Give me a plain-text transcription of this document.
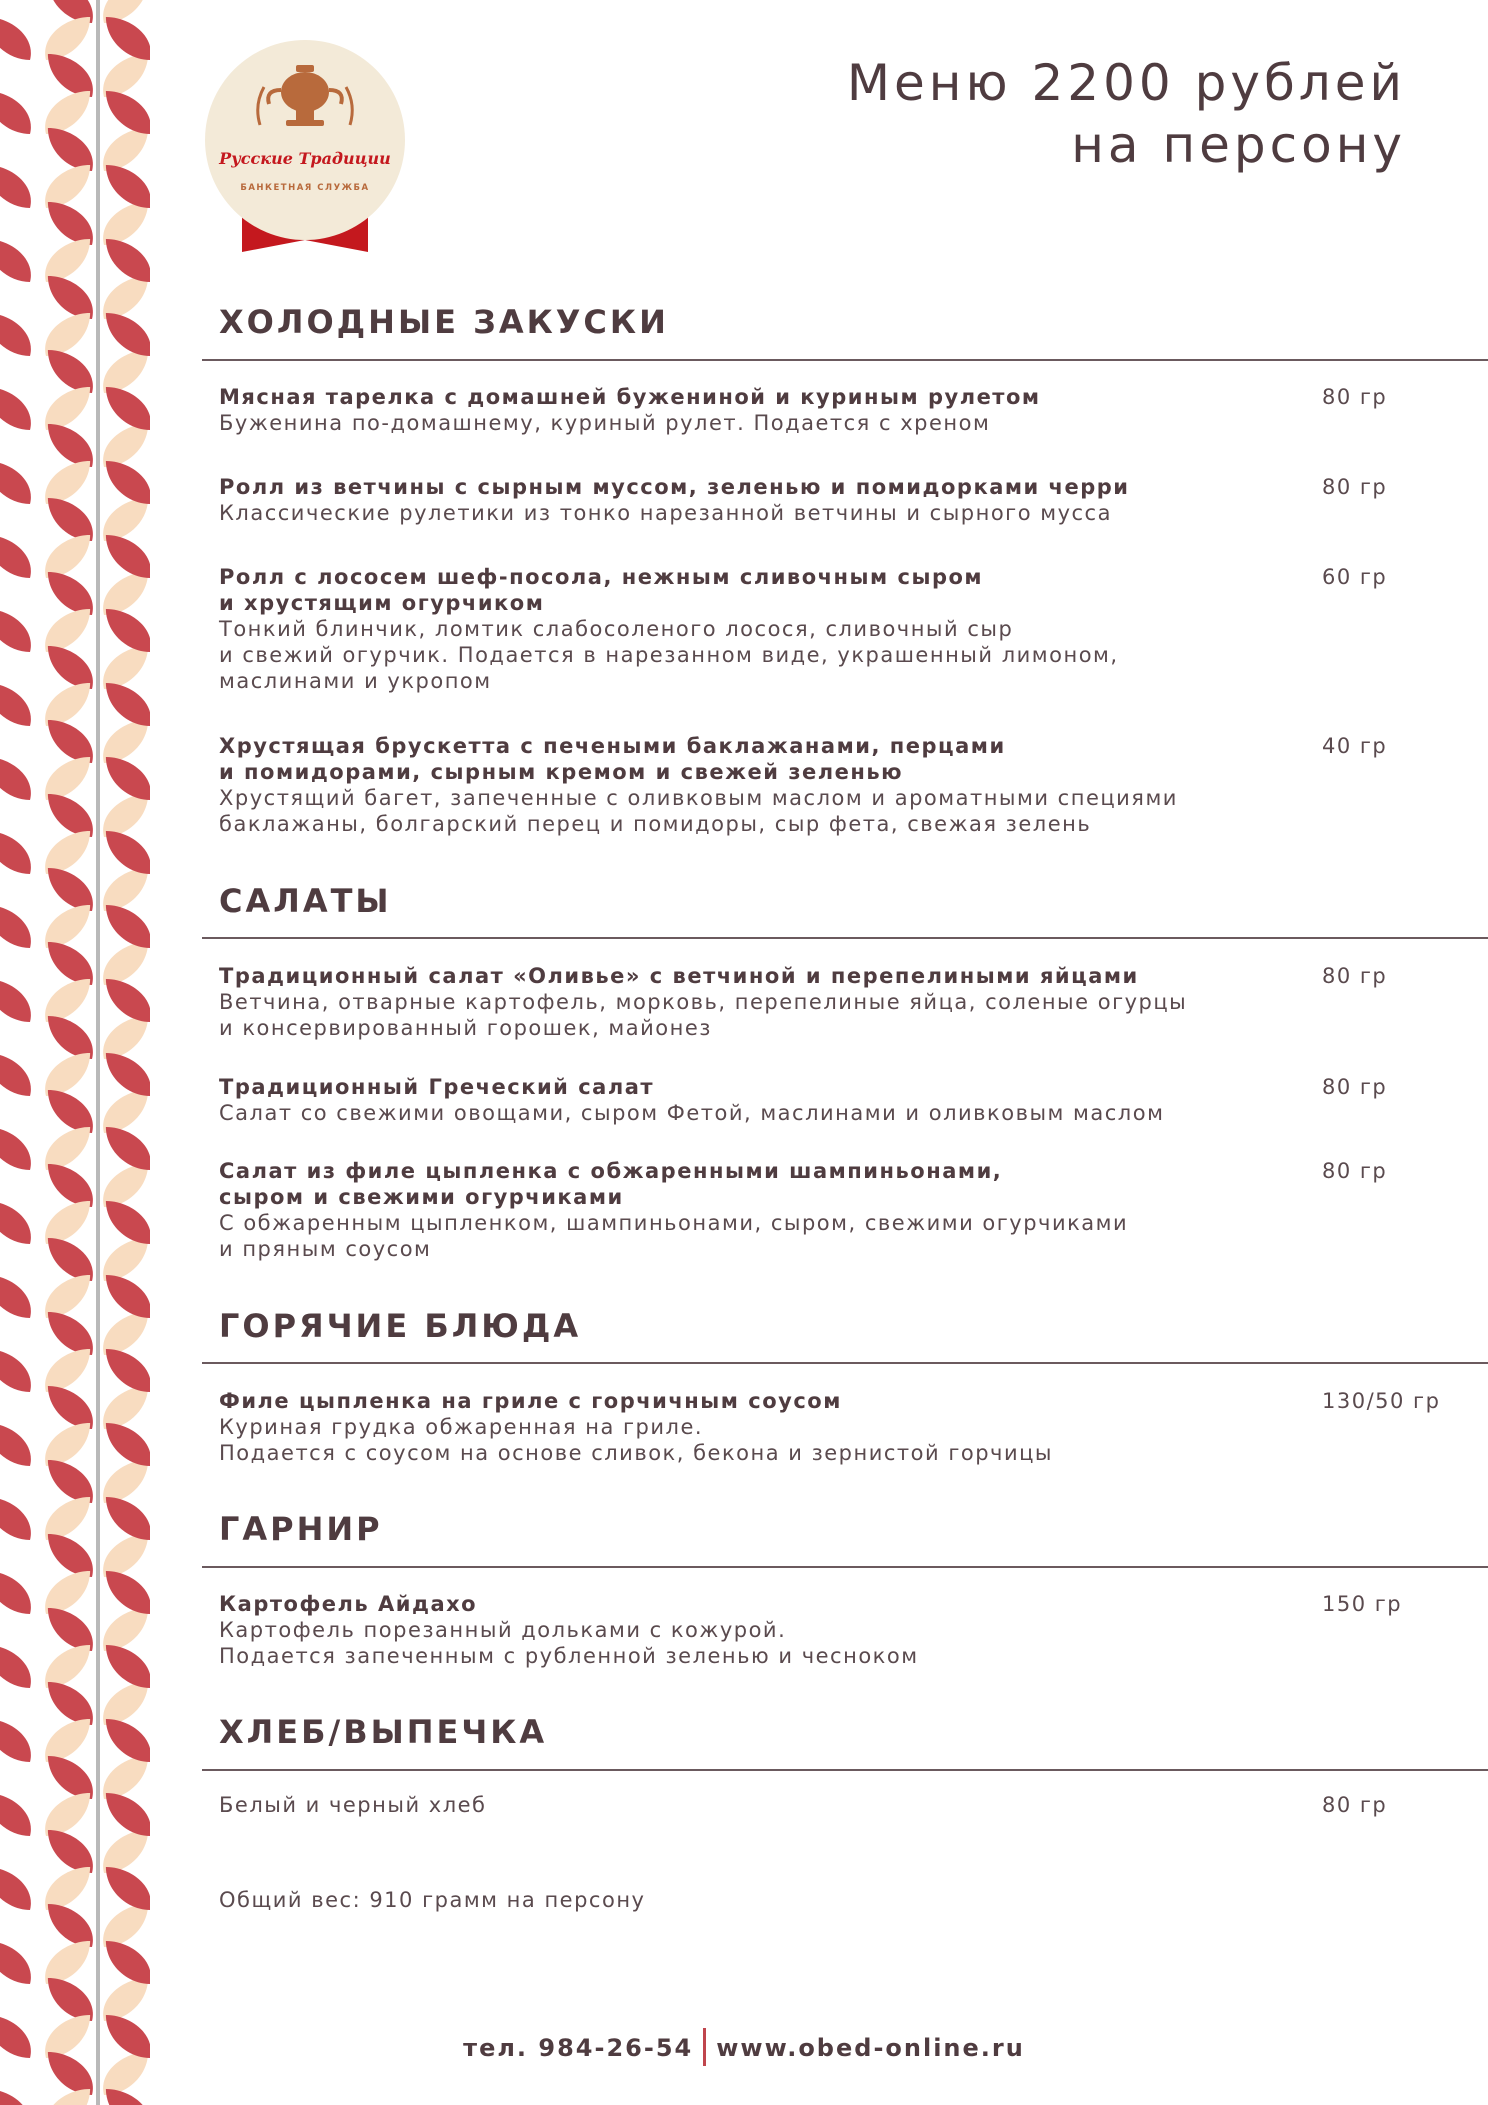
Русские Традиции
БАНКЕТНАЯ СЛУЖБА
Меню 2200 рублей
на персону
ХОЛОДНЫЕ ЗАКУСКИ
Мясная тарелка с домашней бужениной и куриным рулетом
Буженина по-домашнему, куриный рулет. Подается с хреном
80 гр
Ролл из ветчины с сырным муссом, зеленью и помидорками черри
Классические рулетики из тонко нарезанной ветчины и сырного мусса
80 гр
Ролл с лососем шеф-посола, нежным сливочным сыром
и хрустящим огурчиком
Тонкий блинчик, ломтик слабосоленого лосося, сливочный сыр
и свежий огурчик. Подается в нарезанном виде, украшенный лимоном,
маслинами и укропом
60 гр
Хрустящая брускетта с печеными баклажанами, перцами
и помидорами, сырным кремом и свежей зеленью
Хрустящий багет, запеченные с оливковым маслом и ароматными специями
баклажаны, болгарский перец и помидоры, сыр фета, свежая зелень
40 гр
САЛАТЫ
Традиционный салат «Оливье» с ветчиной и перепелиными яйцами
Ветчина, отварные картофель, морковь, перепелиные яйца, соленые огурцы
и консервированный горошек, майонез
80 гр
Традиционный Греческий салат
Салат со свежими овощами, сыром Фетой, маслинами и оливковым маслом
80 гр
Салат из филе цыпленка с обжаренными шампиньонами,
сыром и свежими огурчиками
С обжаренным цыпленком, шампиньонами, сыром, свежими огурчиками
и пряным соусом
80 гр
ГОРЯЧИЕ БЛЮДА
Филе цыпленка на гриле с горчичным соусом
Куриная грудка обжаренная на гриле.
Подается с соусом на основе сливок, бекона и зернистой горчицы
130/50 гр
ГАРНИР
Картофель Айдахо
Картофель порезанный дольками с кожурой.
Подается запеченным с рубленной зеленью и чесноком
150 гр
ХЛЕБ/ВЫПЕЧКА
Белый и черный хлеб	80 гр
Общий вес: 910 грамм на персону
тел. 984-26-54 www.obed-online.ru
